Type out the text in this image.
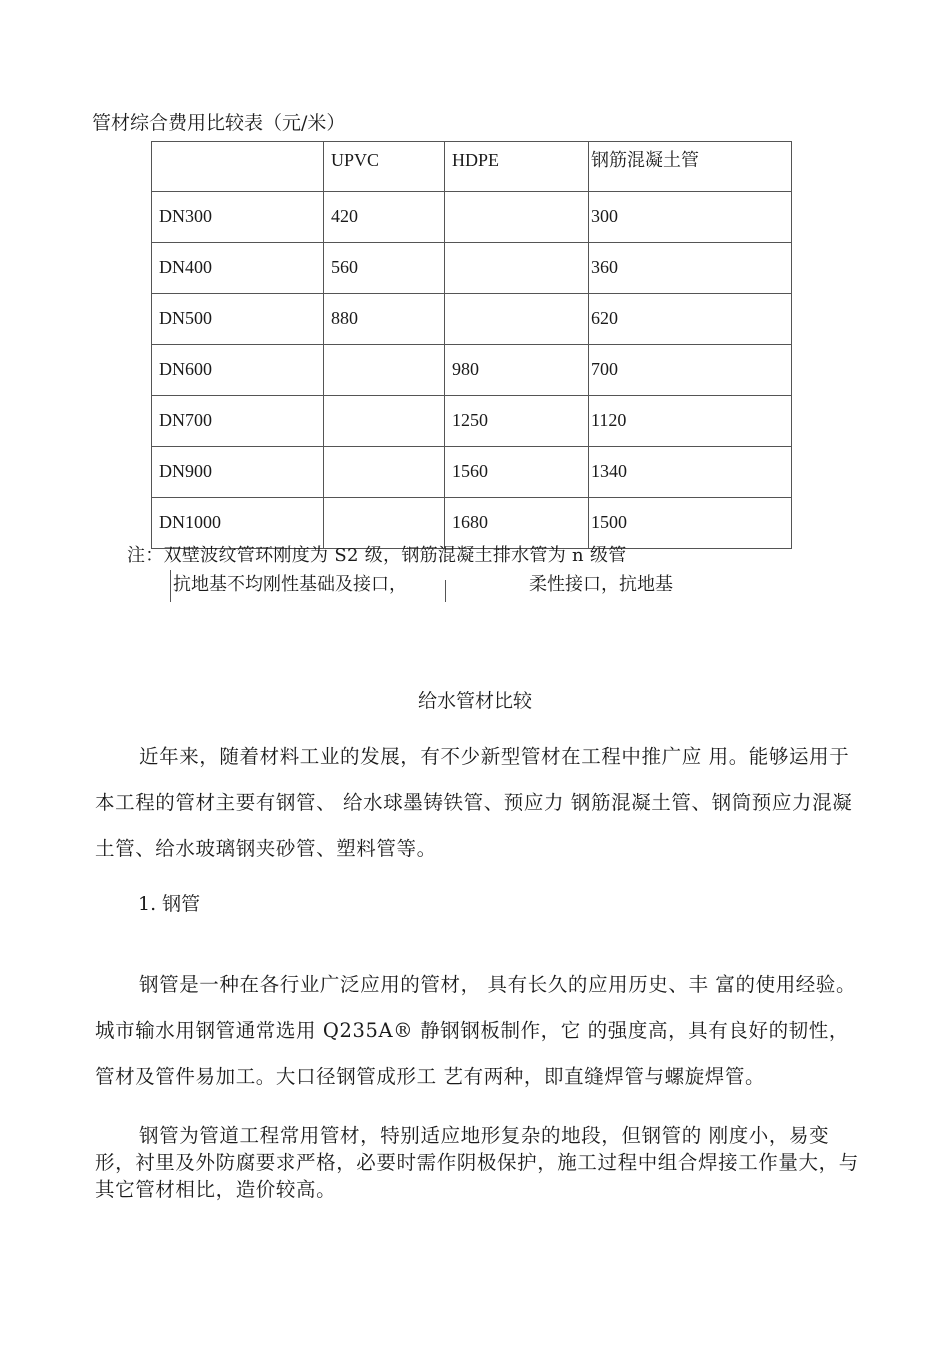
管材综合费用比较表（元/米）
	UPVC	HDPE	钢筋混凝土管
DN300	420		300
DN400	560		360
DN500	880		620
DN600		980	700
DN700		1250	1120
DN900		1560	1340
DN1000		1680	1500
注：双壁波纹管环刚度为 S2 级，钢筋混凝土排水管为 n 级管
抗地基不均刚性基础及接口，	柔性接口，抗地基
给水管材比较
近年来，随着材料工业的发展，有不少新型管材在工程中推广应 用。能够运用于本工程的管材主要有钢管、 给水球墨铸铁管、预应力 钢筋混凝土管、钢筒预应力混凝土管、给水玻璃钢夹砂管、塑料管等。
1. 钢管
钢管是一种在各行业广泛应用的管材， 具有长久的应用历史、丰 富的使用经验。城市输水用钢管通常选用 Q235A® 静钢钢板制作，它 的强度高，具有良好的韧性，管材及管件易加工。大口径钢管成形工 艺有两种，即直缝焊管与螺旋焊管。
钢管为管道工程常用管材，特别适应地形复杂的地段，但钢管的 刚度小，易变形，衬里及外防腐要求严格，必要时需作阴极保护，施工过程中组合焊接工作量大，与其它管材相比，造价较高。
